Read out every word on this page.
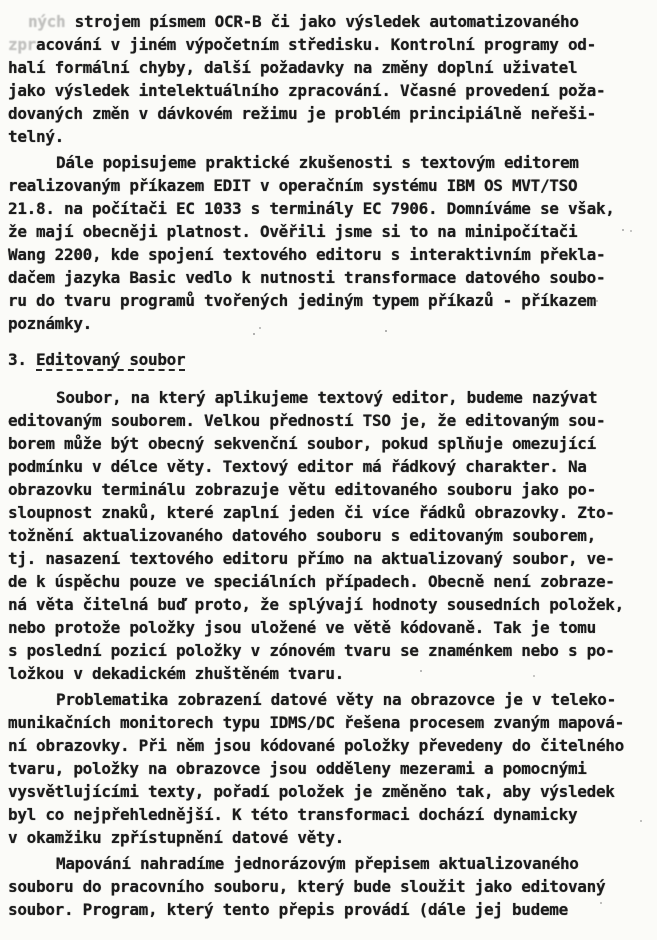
ných strojem písmem OCR-B či jako výsledek automatizovaného
zpracování v jiném výpočetním středisku. Kontrolní programy od-
halí formální chyby, další požadavky na změny doplní uživatel
jako výsledek intelektuálního zpracování. Včasné provedení poža-
dovaných změn v dávkovém režimu je problém principiálně neřeši-
telný.
Dále popisujeme praktické zkušenosti s textovým editorem
realizovaným příkazem EDIT v operačním systému IBM OS MVT/TSO
21.8. na počítači EC 1033 s terminály EC 7906. Domníváme se však,
že mají obecněji platnost. Ověřili jsme si to na minipočítači
Wang 2200, kde spojení textového editoru s interaktivním překla-
dačem jazyka Basic vedlo k nutnosti transformace datového soubo-
ru do tvaru programů tvořených jediným typem příkazů - příkazem
poznámky.
3. Editovaný soubor
Soubor, na který aplikujeme textový editor, budeme nazývat
editovaným souborem. Velkou předností TSO je, že editovaným sou-
borem může být obecný sekvenční soubor, pokud splňuje omezující
podmínku v délce věty. Textový editor má řádkový charakter. Na
obrazovku terminálu zobrazuje větu editovaného souboru jako po-
sloupnost znaků, které zaplní jeden či více řádků obrazovky. Zto-
tožnění aktualizovaného datového souboru s editovaným souborem,
tj. nasazení textového editoru přímo na aktualizovaný soubor, ve-
de k úspěchu pouze ve speciálních případech. Obecně není zobraze-
ná věta čitelná buď proto, že splývají hodnoty sousedních položek,
nebo protože položky jsou uložené ve větě kódovaně. Tak je tomu
s poslední pozicí položky v zónovém tvaru se znaménkem nebo s po-
ložkou v dekadickém zhuštěném tvaru.
Problematika zobrazení datové věty na obrazovce je v teleko-
munikačních monitorech typu IDMS/DC řešena procesem zvaným mapová-
ní obrazovky. Při něm jsou kódované položky převedeny do čitelného
tvaru, položky na obrazovce jsou odděleny mezerami a pomocnými
vysvětlujícími texty, pořadí položek je změněno tak, aby výsledek
byl co nejpřehlednější. K této transformaci dochází dynamicky
v okamžiku zpřístupnění datové věty.
Mapování nahradíme jednorázovým přepisem aktualizovaného
souboru do pracovního souboru, který bude sloužit jako editovaný
soubor. Program, který tento přepis provádí (dále jej budeme
